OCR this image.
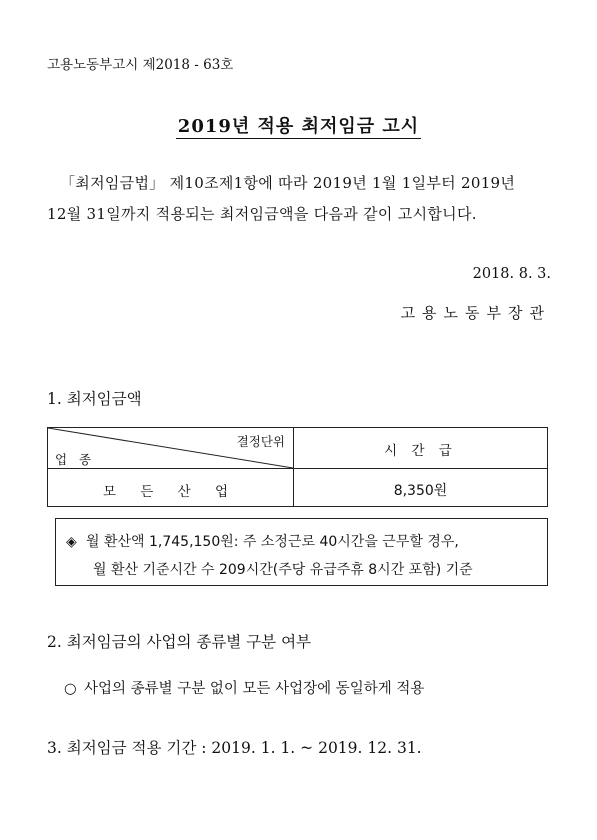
고용노동부고시 제2018 - 63호
2019년 적용 최저임금 고시
「최저임금법」 제10조제1항에 따라 2019년 1월 1일부터 2019년
12월 31일까지 적용되는 최저임금액을 다음과 같이 고시합니다.
2018. 8. 3.
고용노동부장관
1. 최저임금액
결정단위
업 종
시 간 급
모 든 산 업	8,350원
◈ 월 환산액 1,745,150원: 주 소정근로 40시간을 근무할 경우,
월 환산 기준시간 수 209시간(주당 유급주휴 8시간 포함) 기준
2. 최저임금의 사업의 종류별 구분 여부
○ 사업의 종류별 구분 없이 모든 사업장에 동일하게 적용
3. 최저임금 적용 기간 : 2019. 1. 1. ~ 2019. 12. 31.
